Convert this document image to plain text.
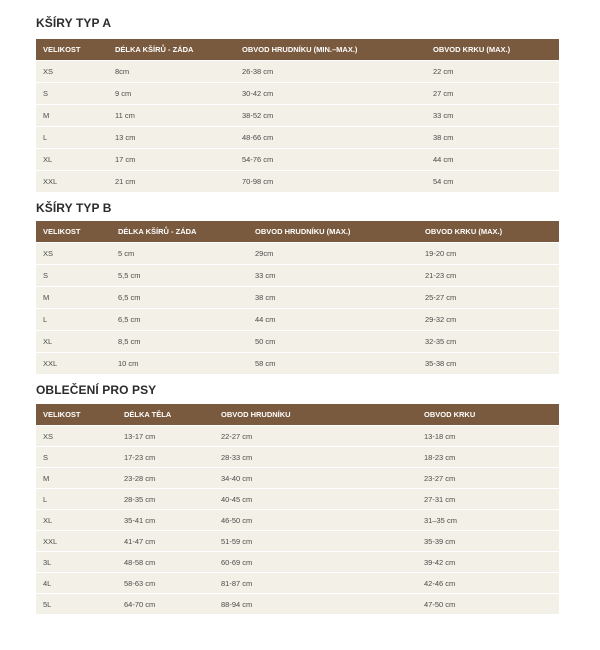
KŠÍRY TYP A
VELIKOST	DÉLKA KŠÍRŮ - ZÁDA	OBVOD HRUDNÍKU (MIN.–MAX.)	OBVOD KRKU (MAX.)
XS	8cm	26-38 cm	22 cm
S	9 cm	30-42 cm	27 cm
M	11 cm	38-52 cm	33 cm
L	13 cm	48-66 cm	38 cm
XL	17 cm	54-76 cm	44 cm
XXL	21 cm	70-98 cm	54 cm
KŠÍRY TYP B
VELIKOST	DÉLKA KŠÍRŮ - ZÁDA	OBVOD HRUDNÍKU (MAX.)	OBVOD KRKU (MAX.)
XS	5 cm	29cm	19-20 cm
S	5,5 cm	33 cm	21-23 cm
M	6,5 cm	38 cm	25-27 cm
L	6,5 cm	44 cm	29-32 cm
XL	8,5 cm	50 cm	32-35 cm
XXL	10 cm	58 cm	35-38 cm
OBLEČENÍ PRO PSY
VELIKOST	DÉLKA TĚLA	OBVOD HRUDNÍKU	OBVOD KRKU
XS	13-17 cm	22-27 cm	13-18 cm
S	17-23 cm	28-33 cm	18-23 cm
M	23-28 cm	34-40 cm	23-27 cm
L	28-35 cm	40-45 cm	27-31 cm
XL	35-41 cm	46-50 cm	31–35 cm
XXL	41-47 cm	51-59 cm	35-39 cm
3L	48-58 cm	60-69 cm	39-42 cm
4L	58-63 cm	81-87 cm	42-46 cm
5L	64-70 cm	88-94 cm	47-50 cm
